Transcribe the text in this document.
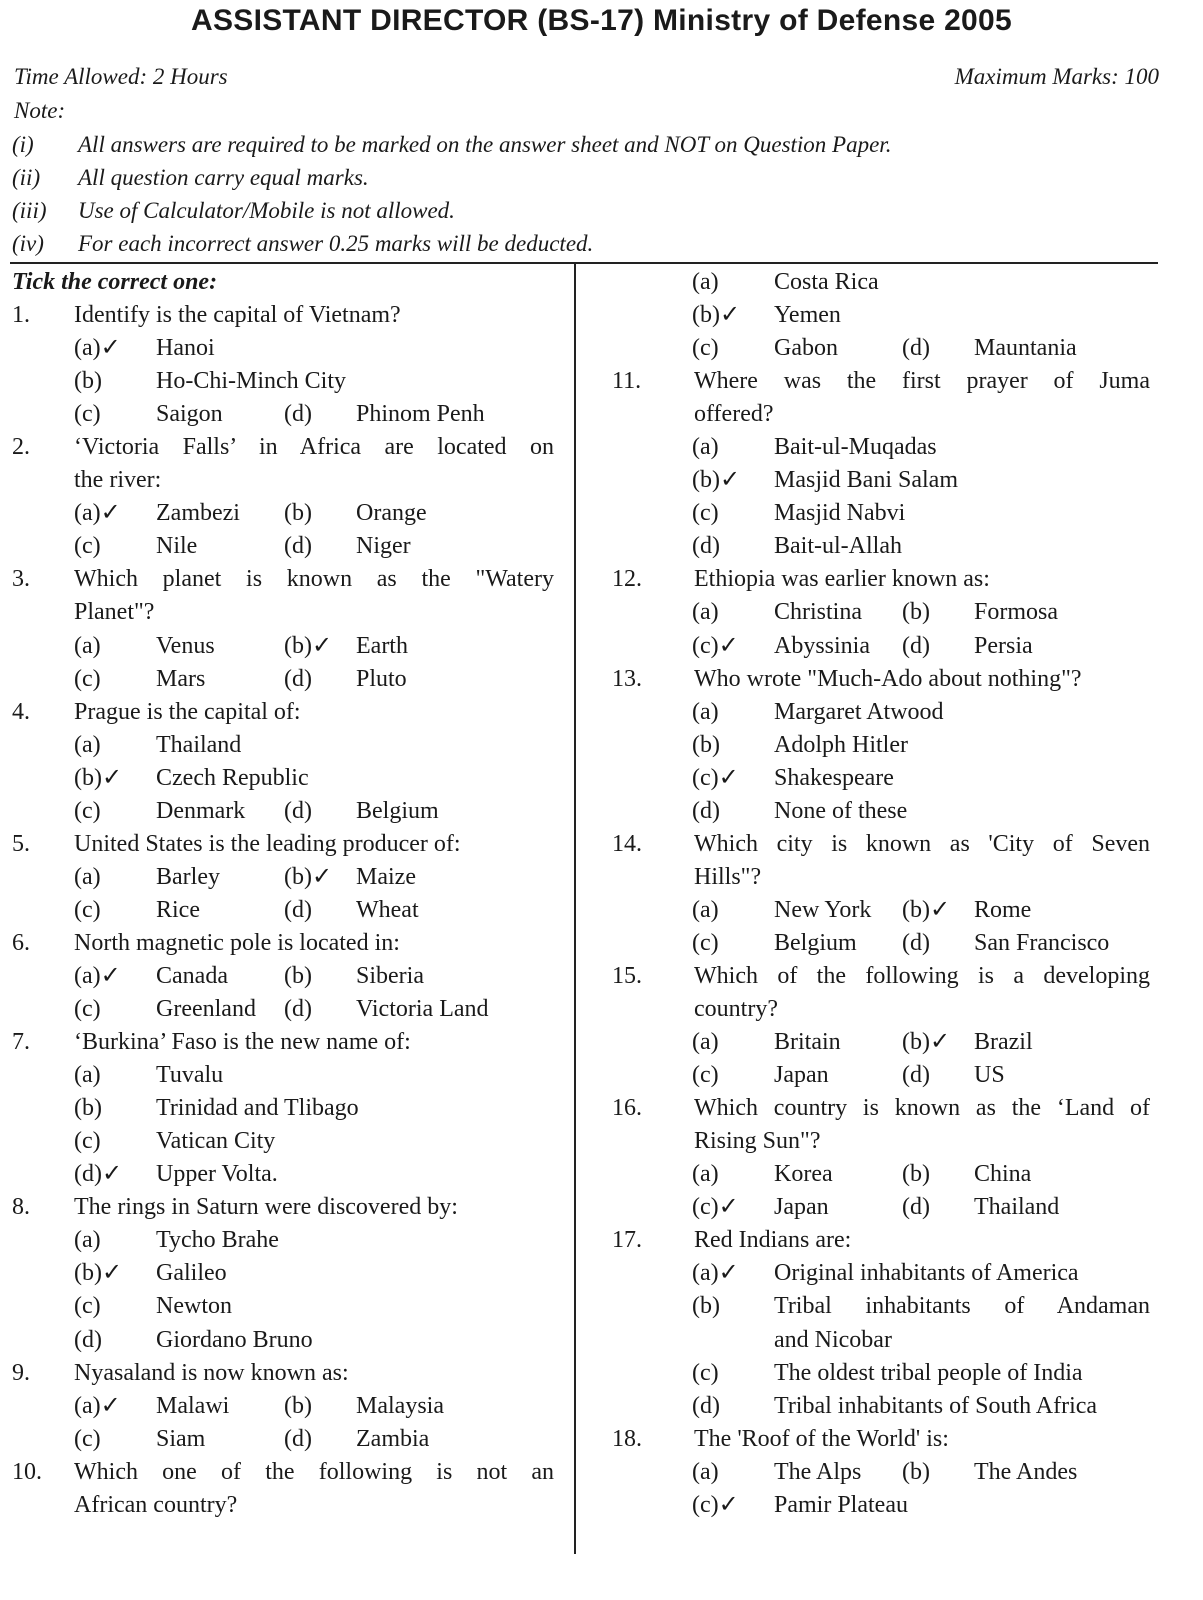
ASSISTANT DIRECTOR (BS-17) Ministry of Defense 2005
Time Allowed: 2 Hours	Maximum Marks: 100
Note:
(i)	All answers are required to be marked on the answer sheet and NOT on Question Paper.
(ii)	All question carry equal marks.
(iii)	Use of Calculator/Mobile is not allowed.
(iv)	For each incorrect answer 0.25 marks will be deducted.
Tick the correct one:
1.	Identify is the capital of Vietnam?
(a)✓	Hanoi
(b)	Ho-Chi-Minch City
(c)	Saigon	(d)	Phinom Penh
2.	‘Victoria Falls’ in Africa are located on
the river:
(a)✓	Zambezi	(b)	Orange
(c)	Nile	(d)	Niger
3.	Which planet is known as the "Watery
Planet"?
(a)	Venus	(b)✓ Earth
(c)	Mars	(d)	Pluto
4.	Prague is the capital of:
(a)	Thailand
(b)✓	Czech Republic
(c)	Denmark	(d)	Belgium
5.	United States is the leading producer of:
(a)	Barley	(b)✓ Maize
(c)	Rice	(d)	Wheat
6.	North magnetic pole is located in:
(a)✓	Canada	(b)	Siberia
(c)	Greenland	(d)	Victoria Land
7.	‘Burkina’ Faso is the new name of:
(a)	Tuvalu
(b)	Trinidad and Tlibago
(c)	Vatican City
(d)✓	Upper Volta.
8.	The rings in Saturn were discovered by:
(a)	Tycho Brahe
(b)✓	Galileo
(c)	Newton
(d)	Giordano Bruno
9.	Nyasaland is now known as:
(a)✓	Malawi	(b)	Malaysia
(c)	Siam	(d)	Zambia
10.	Which one of the following is not an
African country?
(a)	Costa Rica
(b)✓	Yemen
(c)	Gabon	(d)	Mauntania
11.	Where was the first prayer of Juma
offered?
(a)	Bait-ul-Muqadas
(b)✓	Masjid Bani Salam
(c)	Masjid Nabvi
(d)	Bait-ul-Allah
12.	Ethiopia was earlier known as:
(a)	Christina	(b)	Formosa
(c)✓	Abyssinia	(d)	Persia
13.	Who wrote "Much-Ado about nothing"?
(a)	Margaret Atwood
(b)	Adolph Hitler
(c)✓	Shakespeare
(d)	None of these
14.	Which city is known as 'City of Seven
Hills"?
(a)	New York	(b)✓ Rome
(c)	Belgium	(d)	San Francisco
15.	Which of the following is a developing
country?
(a)	Britain	(b)✓ Brazil
(c)	Japan	(d)	US
16.	Which country is known as the ‘Land of
Rising Sun"?
(a)	Korea	(b)	China
(c)✓	Japan	(d)	Thailand
17.	Red Indians are:
(a)✓	Original inhabitants of America
(b)	Tribal inhabitants of Andaman
and Nicobar
(c)	The oldest tribal people of India
(d)	Tribal inhabitants of South Africa
18.	The 'Roof of the World' is:
(a)	The Alps	(b)	The Andes
(c)✓	Pamir Plateau
